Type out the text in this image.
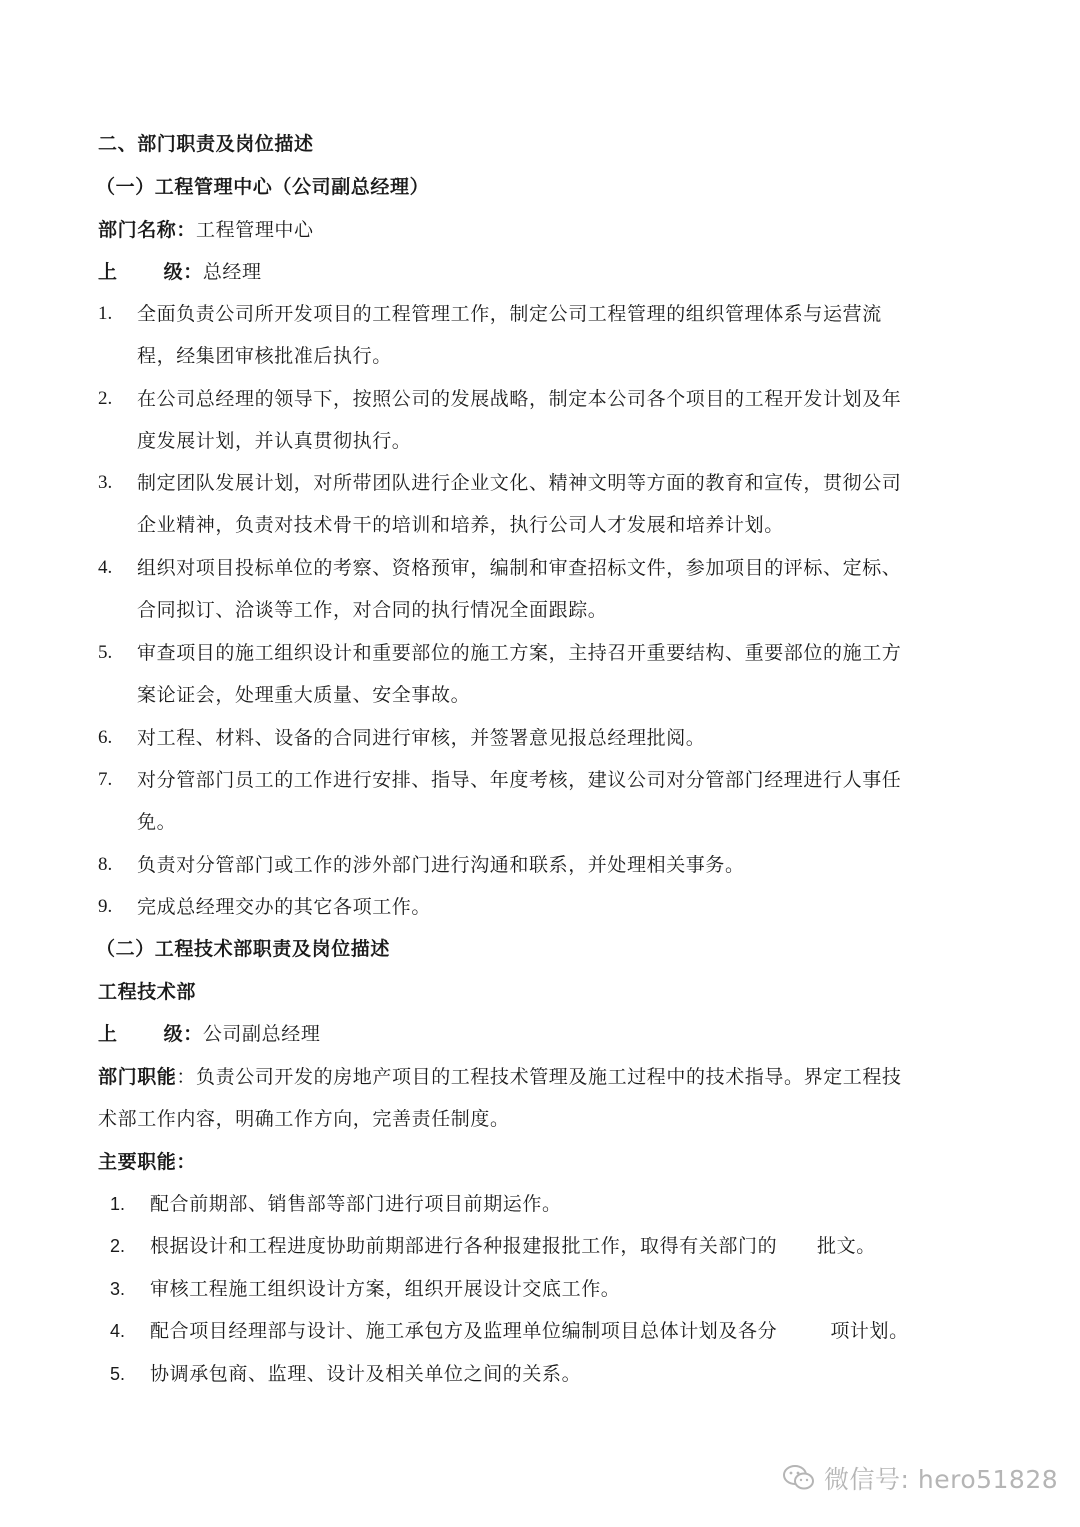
二、部门职责及岗位描述
（一）工程管理中心（公司副总经理）
部门名称：工程管理中心
上 级：总经理
1. 全面负责公司所开发项目的工程管理工作，制定公司工程管理的组织管理体系与运营流
程，经集团审核批准后执行。
2. 在公司总经理的领导下，按照公司的发展战略，制定本公司各个项目的工程开发计划及年
度发展计划，并认真贯彻执行。
3. 制定团队发展计划，对所带团队进行企业文化、精神文明等方面的教育和宣传，贯彻公司
企业精神，负责对技术骨干的培训和培养，执行公司人才发展和培养计划。
4. 组织对项目投标单位的考察、资格预审，编制和审查招标文件，参加项目的评标、定标、
合同拟订、洽谈等工作，对合同的执行情况全面跟踪。
5. 审查项目的施工组织设计和重要部位的施工方案，主持召开重要结构、重要部位的施工方
案论证会，处理重大质量、安全事故。
6. 对工程、材料、设备的合同进行审核，并签署意见报总经理批阅。
7. 对分管部门员工的工作进行安排、指导、年度考核，建议公司对分管部门经理进行人事任
免。
8. 负责对分管部门或工作的涉外部门进行沟通和联系，并处理相关事务。
9. 完成总经理交办的其它各项工作。
（二）工程技术部职责及岗位描述
工程技术部
上 级：公司副总经理
部门职能：负责公司开发的房地产项目的工程技术管理及施工过程中的技术指导。界定工程技
术部工作内容，明确工作方向，完善责任制度。
主要职能：
1. 配合前期部、销售部等部门进行项目前期运作。
2. 根据设计和工程进度协助前期部进行各种报建报批工作，取得有关部门的      批文。
3. 审核工程施工组织设计方案，组织开展设计交底工作。
4. 配合项目经理部与设计、施工承包方及监理单位编制项目总体计划及各分        项计划。
5. 协调承包商、监理、设计及相关单位之间的关系。
微信号: hero51828
